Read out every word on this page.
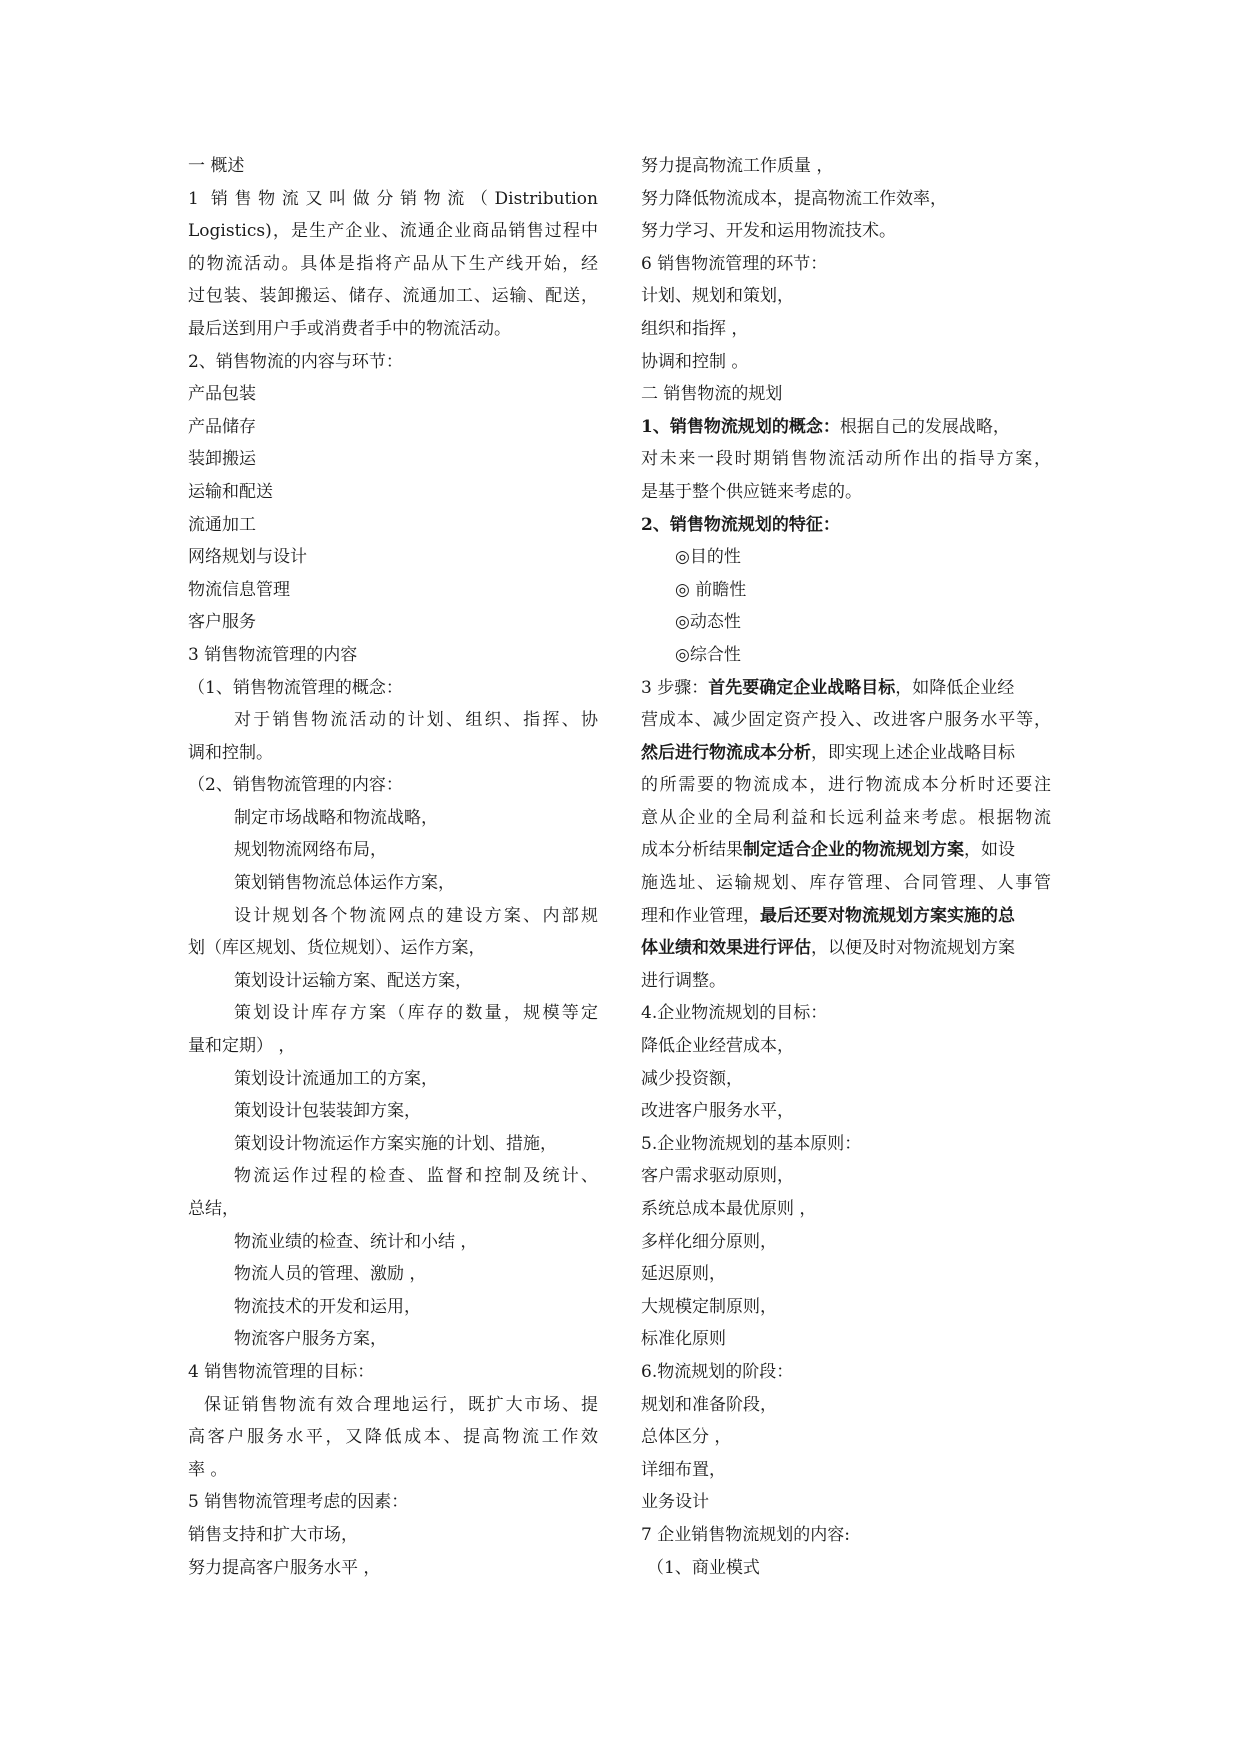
一 概述
1 销售物流又叫做分销物流（Distribution
Logistics)，是生产企业、流通企业商品销售过程中
的物流活动。具体是指将产品从下生产线开始，经
过包装、装卸搬运、储存、流通加工、运输、配送，
最后送到用户手或消费者手中的物流活动。
2、销售物流的内容与环节：
产品包装
产品储存
装卸搬运
运输和配送
流通加工
网络规划与设计
物流信息管理
客户服务
3 销售物流管理的内容
（1、销售物流管理的概念：
对于销售物流活动的计划、组织、指挥、协
调和控制。
（2、销售物流管理的内容：
制定市场战略和物流战略，
规划物流网络布局，
策划销售物流总体运作方案，
设计规划各个物流网点的建设方案、内部规
划（库区规划、货位规划）、运作方案，
策划设计运输方案、配送方案，
策划设计库存方案（库存的数量，规模等定
量和定期） ，
策划设计流通加工的方案，
策划设计包装装卸方案，
策划设计物流运作方案实施的计划、措施，
物流运作过程的检查、监督和控制及统计、
总结，
物流业绩的检查、统计和小结 ，
物流人员的管理、激励 ，
物流技术的开发和运用，
物流客户服务方案，
4 销售物流管理的目标：
保证销售物流有效合理地运行，既扩大市场、提
高客户服务水平，又降低成本、提高物流工作效
率 。
5 销售物流管理考虑的因素：
销售支持和扩大市场，
努力提高客户服务水平 ，
努力提高物流工作质量 ，
努力降低物流成本，提高物流工作效率，
努力学习、开发和运用物流技术。
6 销售物流管理的环节：
计划、规划和策划，
组织和指挥 ，
协调和控制 。
二 销售物流的规划
1、销售物流规划的概念：根据自己的发展战略，
对未来一段时期销售物流活动所作出的指导方案，
是基于整个供应链来考虑的。
2、销售物流规划的特征：
◎目的性
◎ 前瞻性
◎动态性
◎综合性
3 步骤：首先要确定企业战略目标，如降低企业经
营成本、减少固定资产投入、改进客户服务水平等，
然后进行物流成本分析，即实现上述企业战略目标
的所需要的物流成本，进行物流成本分析时还要注
意从企业的全局利益和长远利益来考虑。根据物流
成本分析结果制定适合企业的物流规划方案，如设
施选址、运输规划、库存管理、合同管理、人事管
理和作业管理，最后还要对物流规划方案实施的总
体业绩和效果进行评估，以便及时对物流规划方案
进行调整。
4.企业物流规划的目标：
降低企业经营成本，
减少投资额，
改进客户服务水平，
5.企业物流规划的基本原则：
客户需求驱动原则，
系统总成本最优原则 ，
多样化细分原则，
延迟原则，
大规模定制原则，
标准化原则
6.物流规划的阶段：
规划和准备阶段，
总体区分 ，
详细布置，
业务设计
7 企业销售物流规划的内容:
（1、商业模式
